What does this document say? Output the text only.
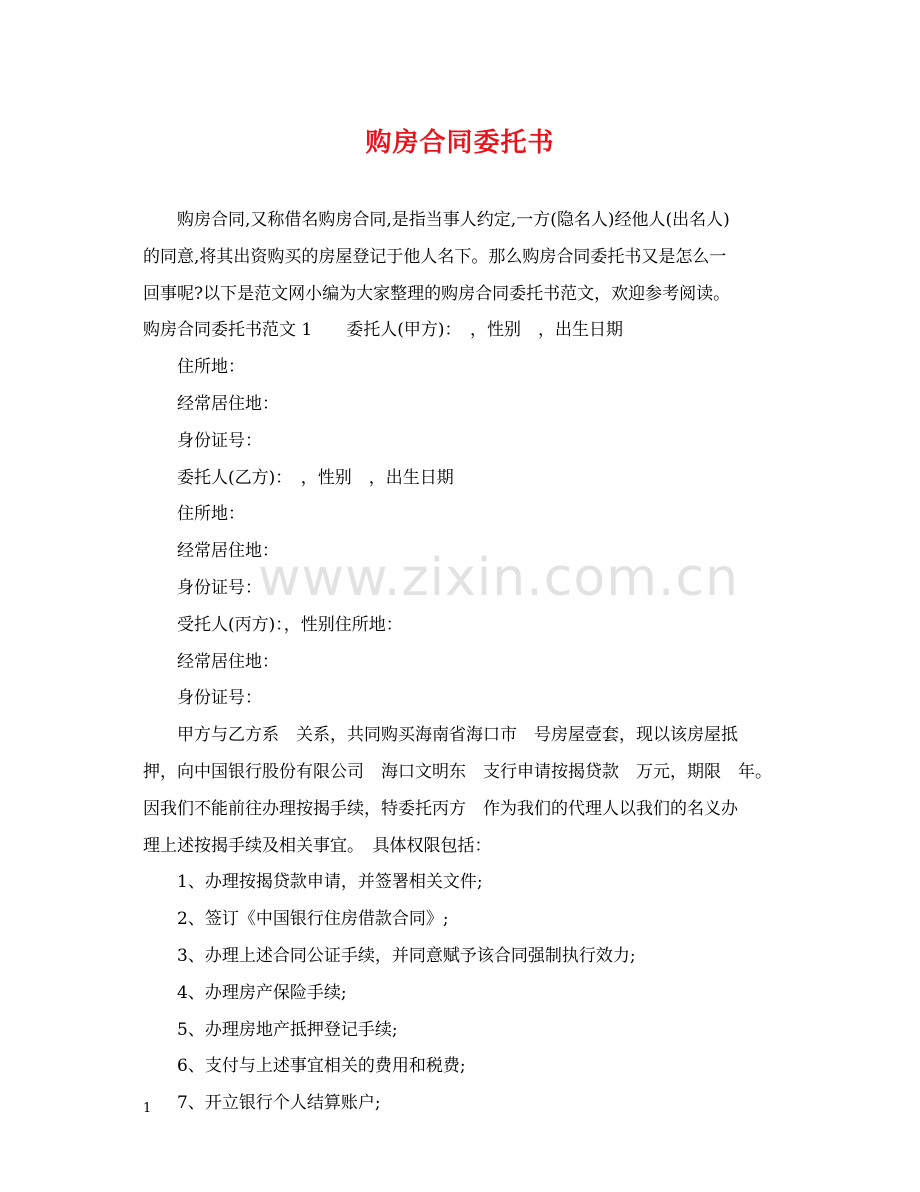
购房合同委托书
购房合同,又称借名购房合同,是指当事人约定,一方(隐名人)经他人(出名人)
的同意,将其出资购买的房屋登记于他人名下。那么购房合同委托书又是怎么一
回事呢?以下是范文网小编为大家整理的购房合同委托书范文，欢迎参考阅读。
购房合同委托书范文 1　　委托人(甲方)：　，性别　，出生日期
住所地：
经常居住地：
身份证号：
委托人(乙方)：　，性别　，出生日期
住所地：
经常居住地：
身份证号：
受托人(丙方)：，性别住所地：
经常居住地：
身份证号：
甲方与乙方系　关系，共同购买海南省海口市　号房屋壹套，现以该房屋抵
押，向中国银行股份有限公司　海口文明东　支行申请按揭贷款　万元，期限　年。
因我们不能前往办理按揭手续，特委托丙方　作为我们的代理人以我们的名义办
理上述按揭手续及相关事宜。　具体权限包括：
1、办理按揭贷款申请，并签署相关文件;
2、签订《中国银行住房借款合同》;
3、办理上述合同公证手续，并同意赋予该合同强制执行效力;
4、办理房产保险手续;
5、办理房地产抵押登记手续;
6、支付与上述事宜相关的费用和税费;
7、开立银行个人结算账户;
www.zixin.com.cn
1
